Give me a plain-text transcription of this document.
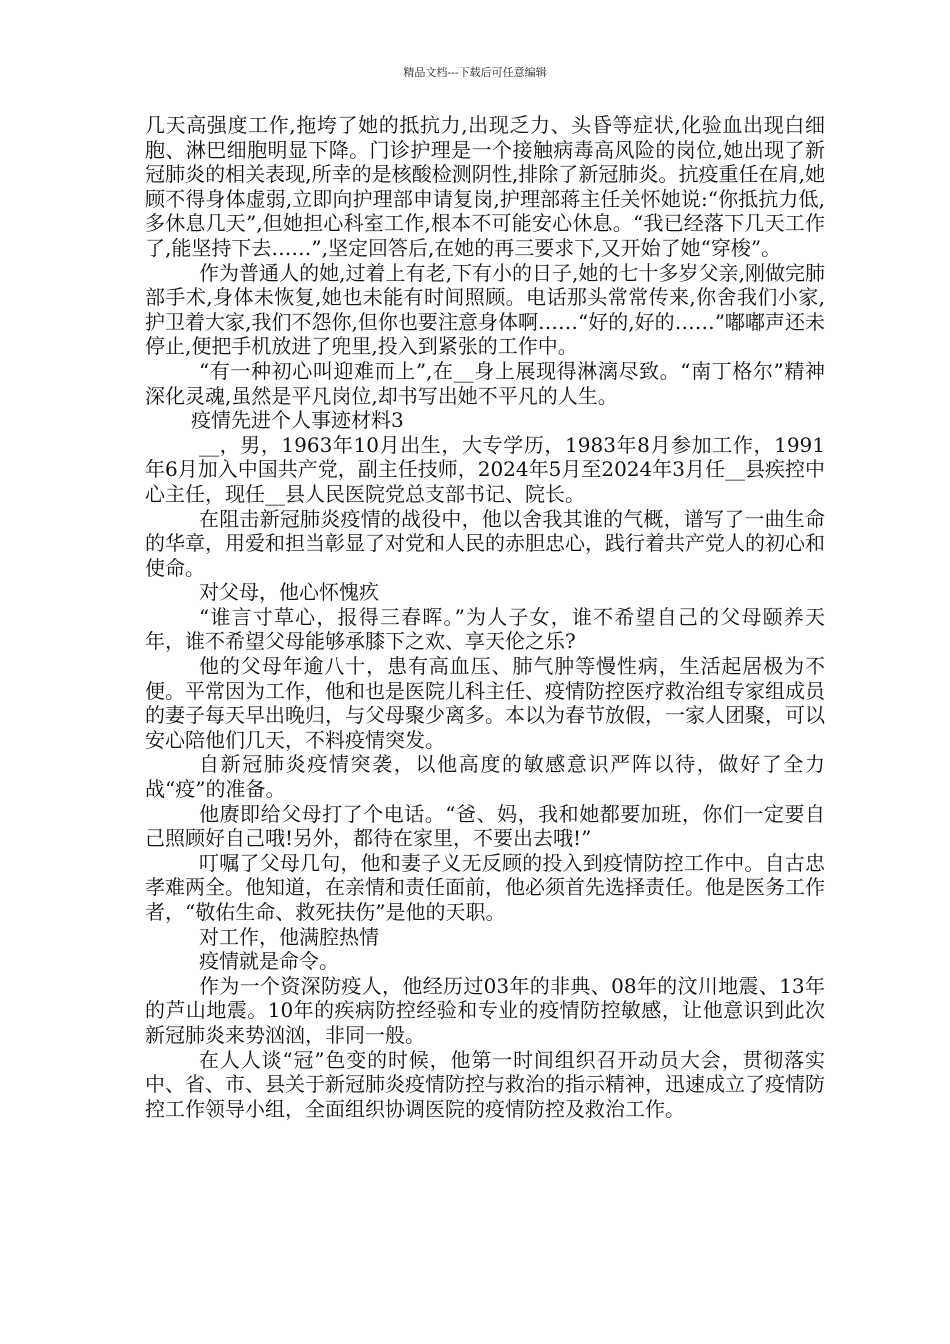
精品文档---下载后可任意编辑

几天高强度工作,拖垮了她的抵抗力,出现乏力、头昏等症状,化验血出现白细胞、淋巴细胞明显下降。门诊护理是一个接触病毒高风险的岗位,她出现了新冠肺炎的相关表现,所幸的是核酸检测阴性,排除了新冠肺炎。抗疫重任在肩,她顾不得身体虚弱,立即向护理部申请复岗,护理部蒋主任关怀她说:“你抵抗力低,多休息几天”,但她担心科室工作,根本不可能安心休息。“我已经落下几天工作了,能坚持下去……”,坚定回答后,在她的再三要求下,又开始了她“穿梭”。

作为普通人的她,过着上有老,下有小的日子,她的七十多岁父亲,刚做完肺部手术,身体未恢复,她也未能有时间照顾。电话那头常常传来,你舍我们小家,护卫着大家,我们不怨你,但你也要注意身体啊……“好的,好的……”嘟嘟声还未停止,便把手机放进了兜里,投入到紧张的工作中。

“有一种初心叫迎难而上”,在__身上展现得淋漓尽致。“南丁格尔”精神深化灵魂,虽然是平凡岗位,却书写出她不平凡的人生。

疫情先进个人事迹材料3

__，男，1963年10月出生，大专学历，1983年8月参加工作，1991年6月加入中国共产党，副主任技师，2024年5月至2024年3月任__县疾控中心主任，现任__县人民医院党总支部书记、院长。

在阻击新冠肺炎疫情的战役中，他以舍我其谁的气概，谱写了一曲生命的华章，用爱和担当彰显了对党和人民的赤胆忠心，践行着共产党人的初心和使命。

对父母，他心怀愧疚

“谁言寸草心，报得三春晖。”为人子女，谁不希望自己的父母颐养天年，谁不希望父母能够承膝下之欢、享天伦之乐?

他的父母年逾八十，患有高血压、肺气肿等慢性病，生活起居极为不便。平常因为工作，他和也是医院儿科主任、疫情防控医疗救治组专家组成员的妻子每天早出晚归，与父母聚少离多。本以为春节放假，一家人团聚，可以安心陪他们几天，不料疫情突发。

自新冠肺炎疫情突袭，以他高度的敏感意识严阵以待，做好了全力战“疫”的准备。

他赓即给父母打了个电话。“爸、妈，我和她都要加班，你们一定要自己照顾好自己哦!另外，都待在家里，不要出去哦!”

叮嘱了父母几句，他和妻子义无反顾的投入到疫情防控工作中。自古忠孝难两全。他知道，在亲情和责任面前，他必须首先选择责任。他是医务工作者，“敬佑生命、救死扶伤”是他的天职。

对工作，他满腔热情

疫情就是命令。

作为一个资深防疫人，他经历过03年的非典、08年的汶川地震、13年的芦山地震。10年的疾病防控经验和专业的疫情防控敏感，让他意识到此次新冠肺炎来势汹汹，非同一般。

在人人谈“冠”色变的时候，他第一时间组织召开动员大会，贯彻落实中、省、市、县关于新冠肺炎疫情防控与救治的指示精神，迅速成立了疫情防控工作领导小组，全面组织协调医院的疫情防控及救治工作。
